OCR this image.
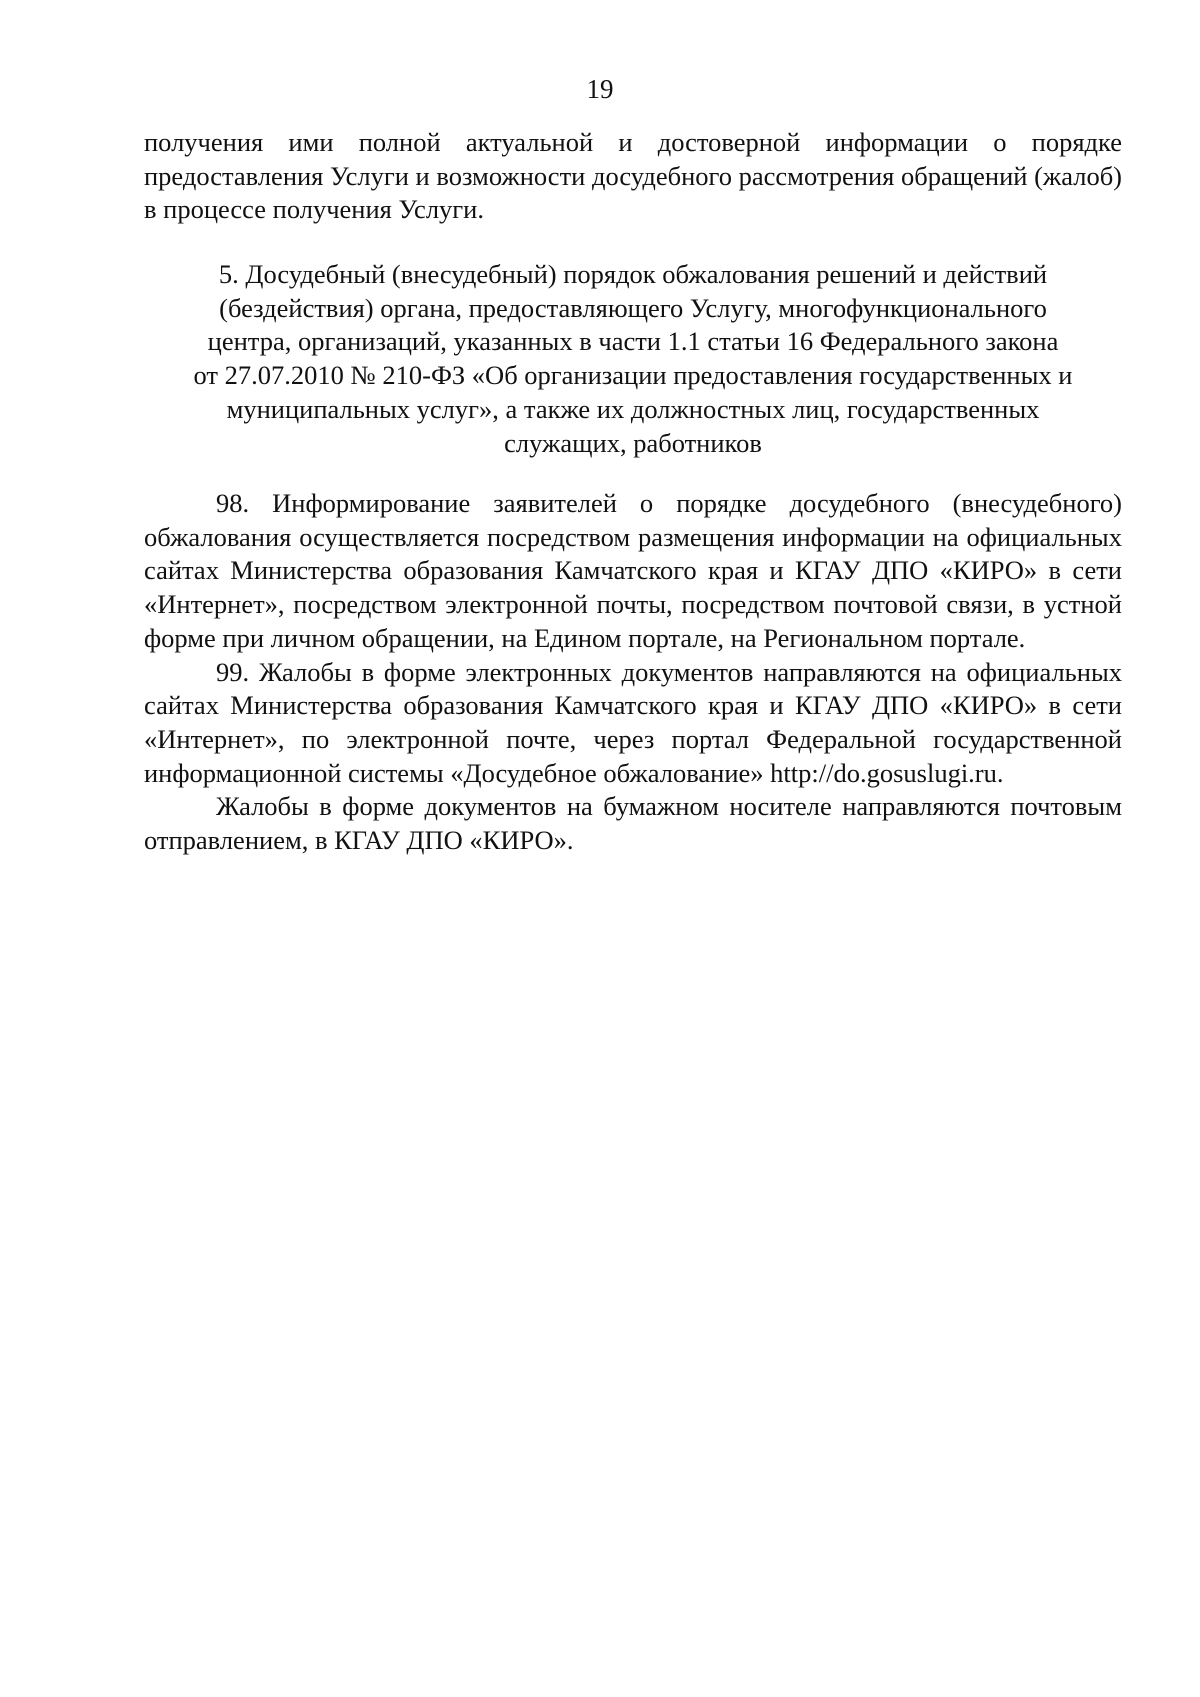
19

получения ими полной актуальной и достоверной информации о порядке предоставления Услуги и возможности досудебного рассмотрения обращений (жалоб) в процессе получения Услуги.

5. Досудебный (внесудебный) порядок обжалования решений и действий
(бездействия) органа, предоставляющего Услугу, многофункционального
центра, организаций, указанных в части 1.1 статьи 16 Федерального закона
от 27.07.2010 № 210-ФЗ «Об организации предоставления государственных и
муниципальных услуг», а также их должностных лиц, государственных
служащих, работников

98. Информирование заявителей о порядке досудебного (внесудебного) обжалования осуществляется посредством размещения информации на официальных сайтах Министерства образования Камчатского края и КГАУ ДПО «КИРО» в сети «Интернет», посредством электронной почты, посредством почтовой связи, в устной форме при личном обращении, на Едином портале, на Региональном портале.

99. Жалобы в форме электронных документов направляются на официальных сайтах Министерства образования Камчатского края и КГАУ ДПО «КИРО» в сети «Интернет», по электронной почте, через портал Федеральной государственной информационной системы «Досудебное обжалование» http://do.gosuslugi.ru.

Жалобы в форме документов на бумажном носителе направляются почтовым отправлением, в КГАУ ДПО «КИРО».
